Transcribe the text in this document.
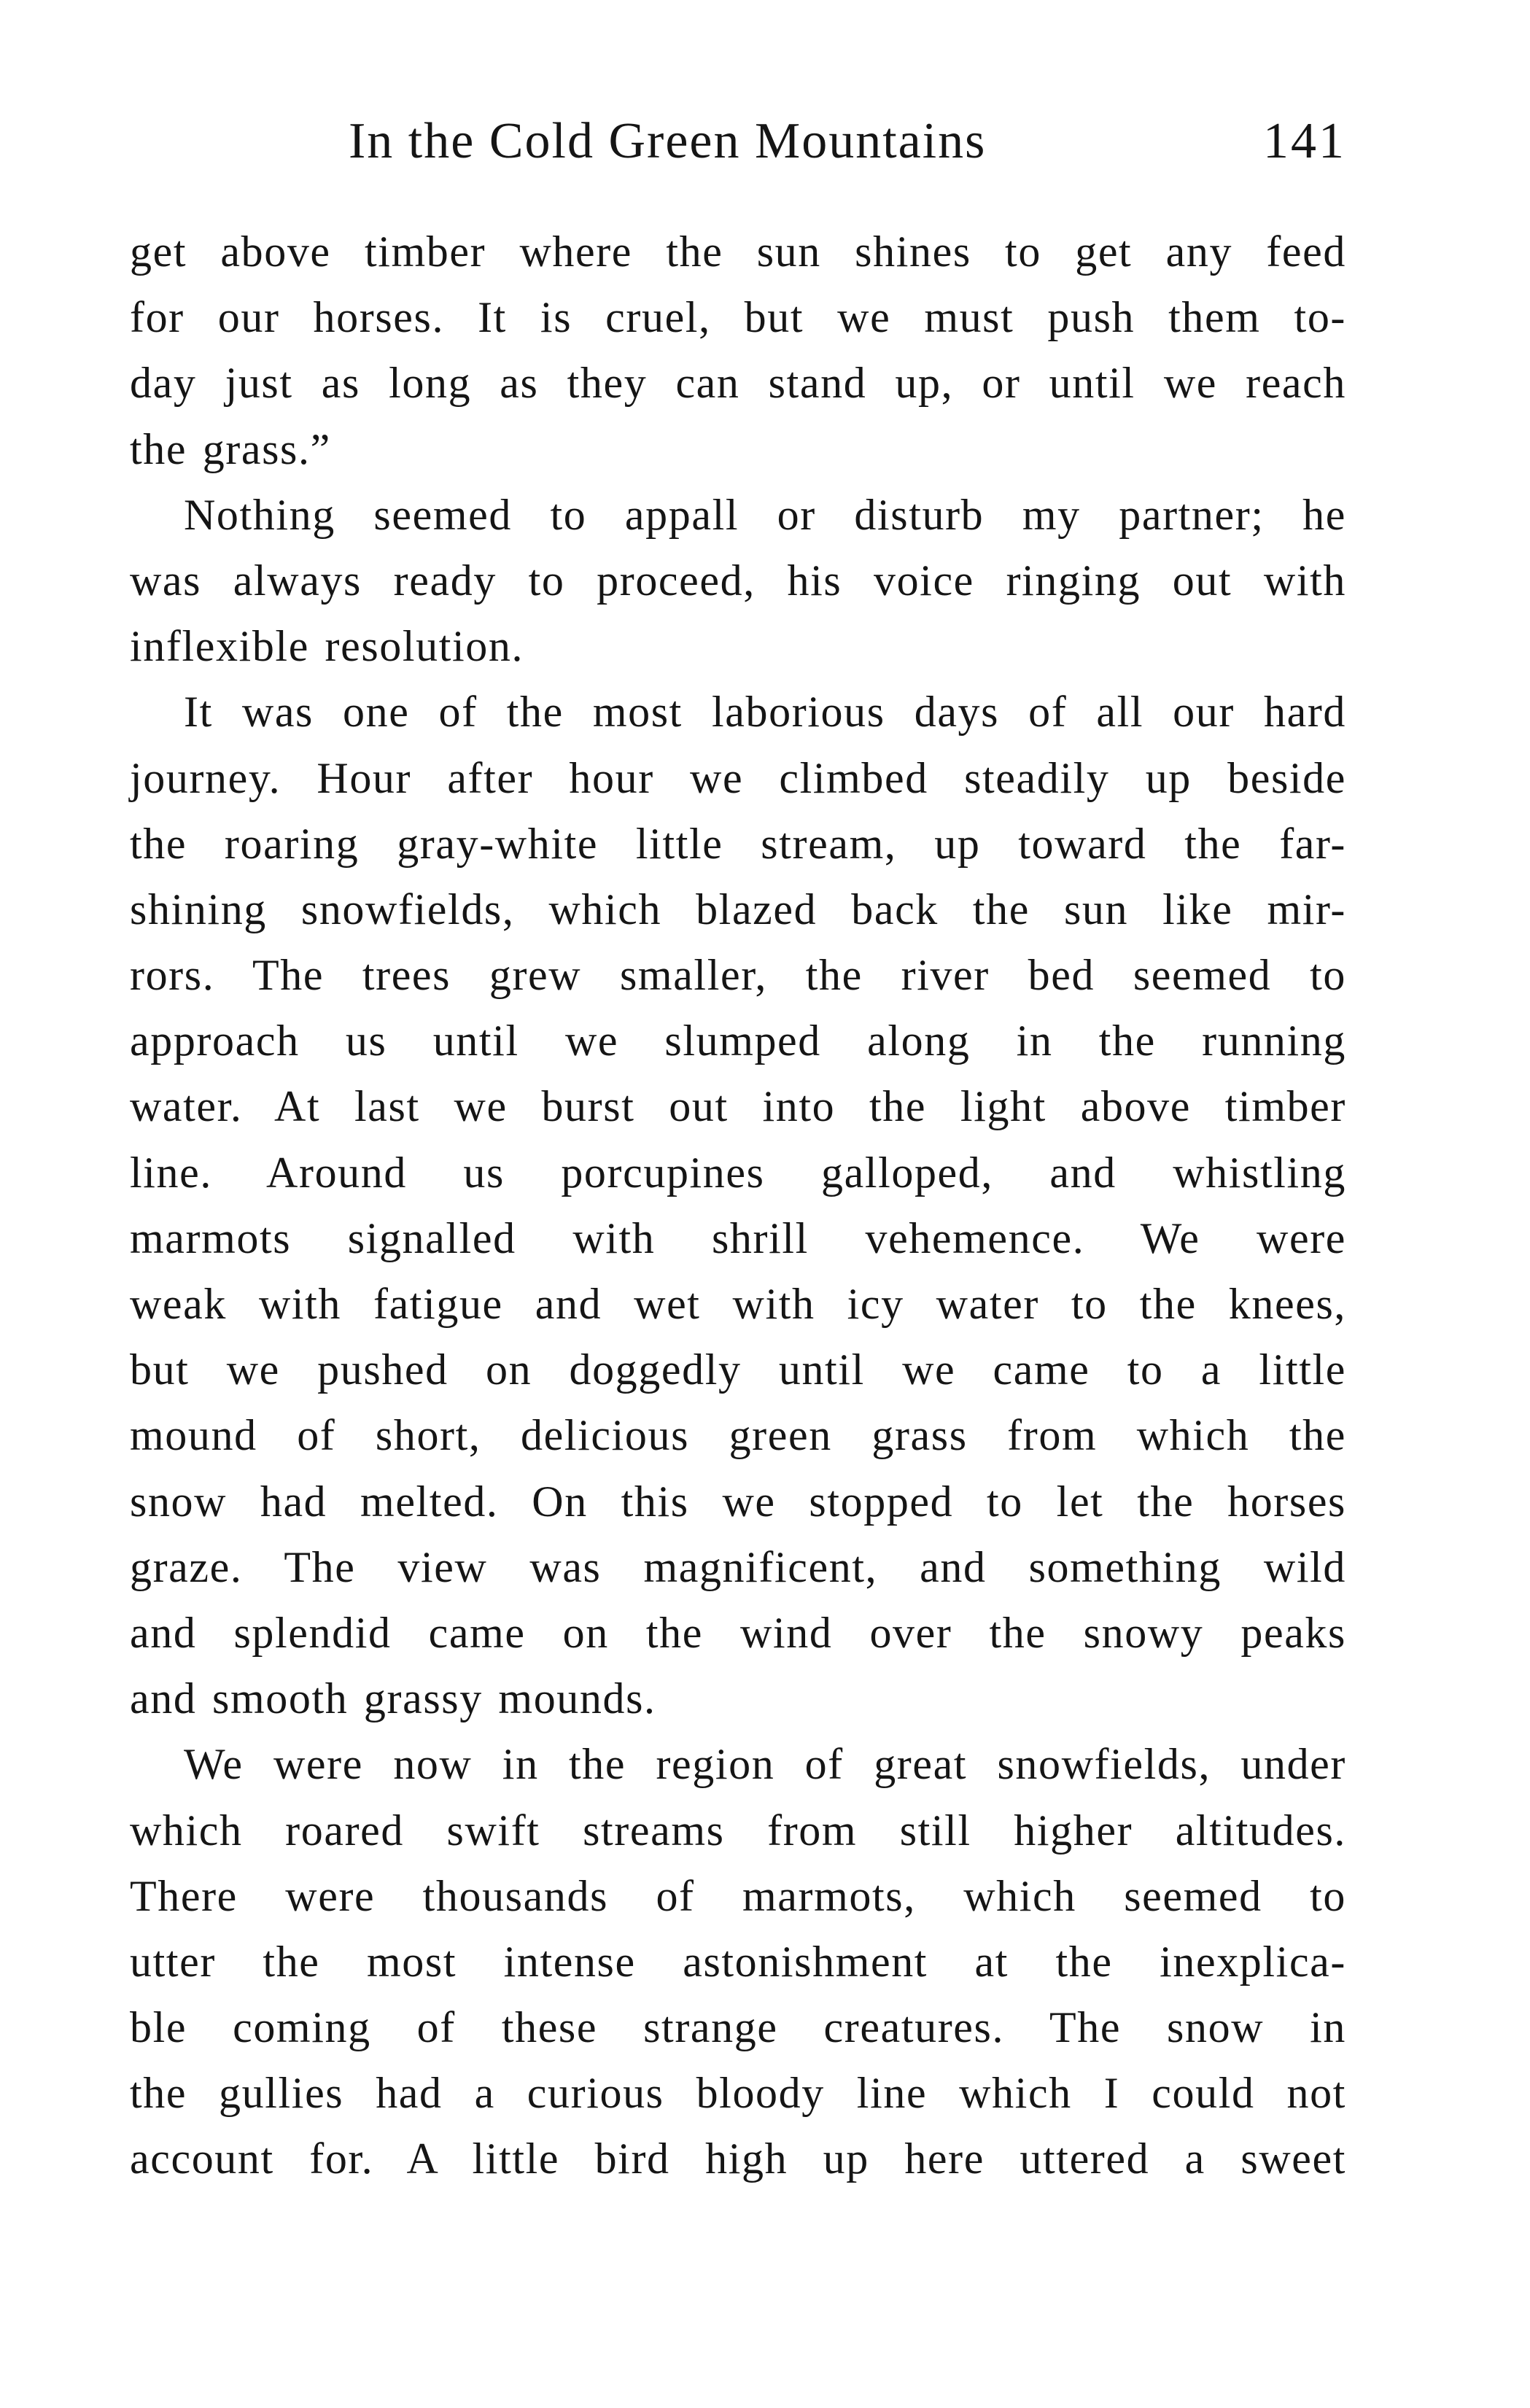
In the Cold Green Mountains	141
get above timber where the sun shines to get any feed
for our horses. It is cruel, but we must push them to-
day just as long as they can stand up, or until we reach
the grass.”
Nothing seemed to appall or disturb my partner; he
was always ready to proceed, his voice ringing out with
inflexible resolution.
It was one of the most laborious days of all our hard
journey. Hour after hour we climbed steadily up beside
the roaring gray-white little stream, up toward the far-
shining snowfields, which blazed back the sun like mir-
rors. The trees grew smaller, the river bed seemed to
approach us until we slumped along in the running
water. At last we burst out into the light above timber
line. Around us porcupines galloped, and whistling
marmots signalled with shrill vehemence. We were
weak with fatigue and wet with icy water to the knees,
but we pushed on doggedly until we came to a little
mound of short, delicious green grass from which the
snow had melted. On this we stopped to let the horses
graze. The view was magnificent, and something wild
and splendid came on the wind over the snowy peaks
and smooth grassy mounds.
We were now in the region of great snowfields, under
which roared swift streams from still higher altitudes.
There were thousands of marmots, which seemed to
utter the most intense astonishment at the inexplica-
ble coming of these strange creatures. The snow in
the gullies had a curious bloody line which I could not
account for. A little bird high up here uttered a sweet
